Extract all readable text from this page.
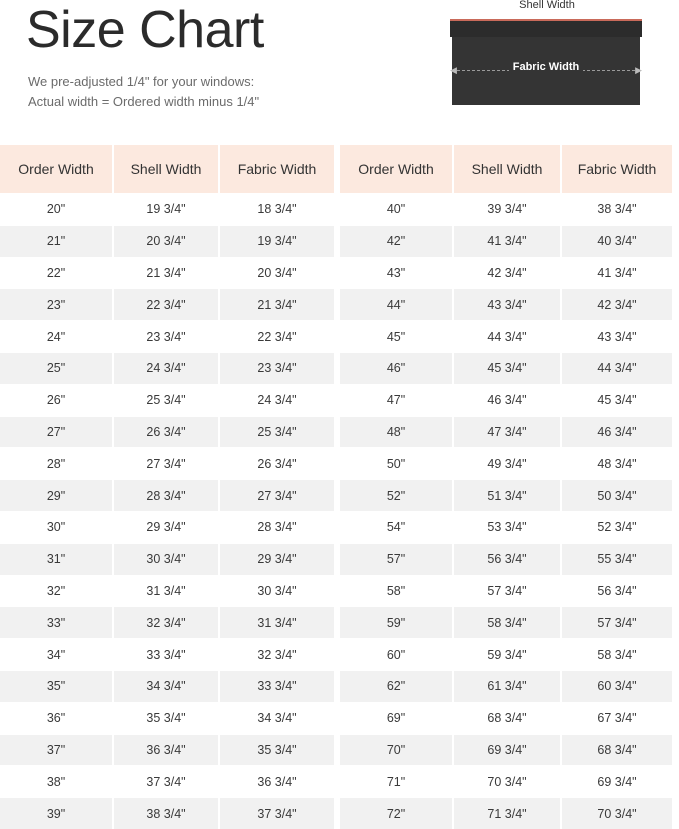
Size Chart
We pre-adjusted 1/4" for your windows:
Actual width = Ordered width minus 1/4"
Shell Width
◀	▶
Fabric Width
Order Width	Shell Width	Fabric Width
20"	19 3/4"	18 3/4"
21"	20 3/4"	19 3/4"
22"	21 3/4"	20 3/4"
23"	22 3/4"	21 3/4"
24"	23 3/4"	22 3/4"
25"	24 3/4"	23 3/4"
26"	25 3/4"	24 3/4"
27"	26 3/4"	25 3/4"
28"	27 3/4"	26 3/4"
29"	28 3/4"	27 3/4"
30"	29 3/4"	28 3/4"
31"	30 3/4"	29 3/4"
32"	31 3/4"	30 3/4"
33"	32 3/4"	31 3/4"
34"	33 3/4"	32 3/4"
35"	34 3/4"	33 3/4"
36"	35 3/4"	34 3/4"
37"	36 3/4"	35 3/4"
38"	37 3/4"	36 3/4"
39"	38 3/4"	37 3/4"
Order Width	Shell Width	Fabric Width
40"	39 3/4"	38 3/4"
42"	41 3/4"	40 3/4"
43"	42 3/4"	41 3/4"
44"	43 3/4"	42 3/4"
45"	44 3/4"	43 3/4"
46"	45 3/4"	44 3/4"
47"	46 3/4"	45 3/4"
48"	47 3/4"	46 3/4"
50"	49 3/4"	48 3/4"
52"	51 3/4"	50 3/4"
54"	53 3/4"	52 3/4"
57"	56 3/4"	55 3/4"
58"	57 3/4"	56 3/4"
59"	58 3/4"	57 3/4"
60"	59 3/4"	58 3/4"
62"	61 3/4"	60 3/4"
69"	68 3/4"	67 3/4"
70"	69 3/4"	68 3/4"
71"	70 3/4"	69 3/4"
72"	71 3/4"	70 3/4"
